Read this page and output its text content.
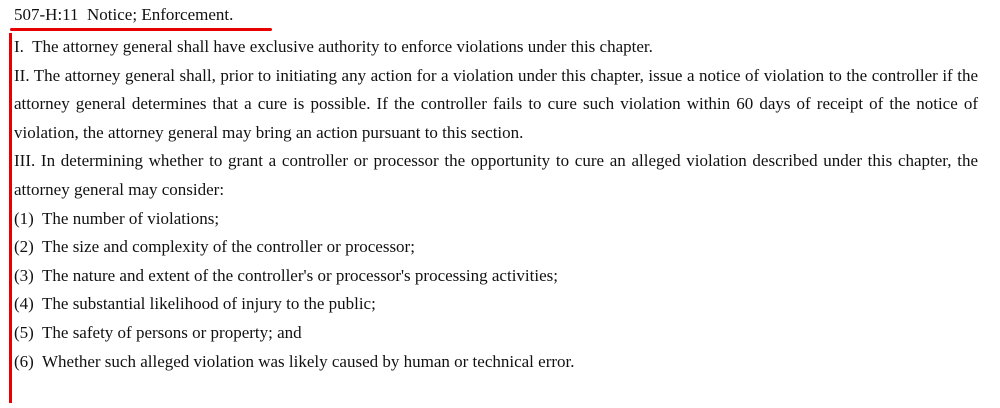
507-H:11  Notice; Enforcement.

I.  The attorney general shall have exclusive authority to enforce violations under this chapter.

II. The attorney general shall, prior to initiating any action for a violation under this chapter, issue a notice of violation to the controller if the attorney general determines that a cure is possible. If the controller fails to cure such violation within 60 days of receipt of the notice of violation, the attorney general may bring an action pursuant to this section.

III. In determining whether to grant a controller or processor the opportunity to cure an alleged violation described under this chapter, the attorney general may consider:

(1)  The number of violations;

(2)  The size and complexity of the controller or processor;

(3)  The nature and extent of the controller's or processor's processing activities;

(4)  The substantial likelihood of injury to the public;

(5)  The safety of persons or property; and

(6)  Whether such alleged violation was likely caused by human or technical error.
